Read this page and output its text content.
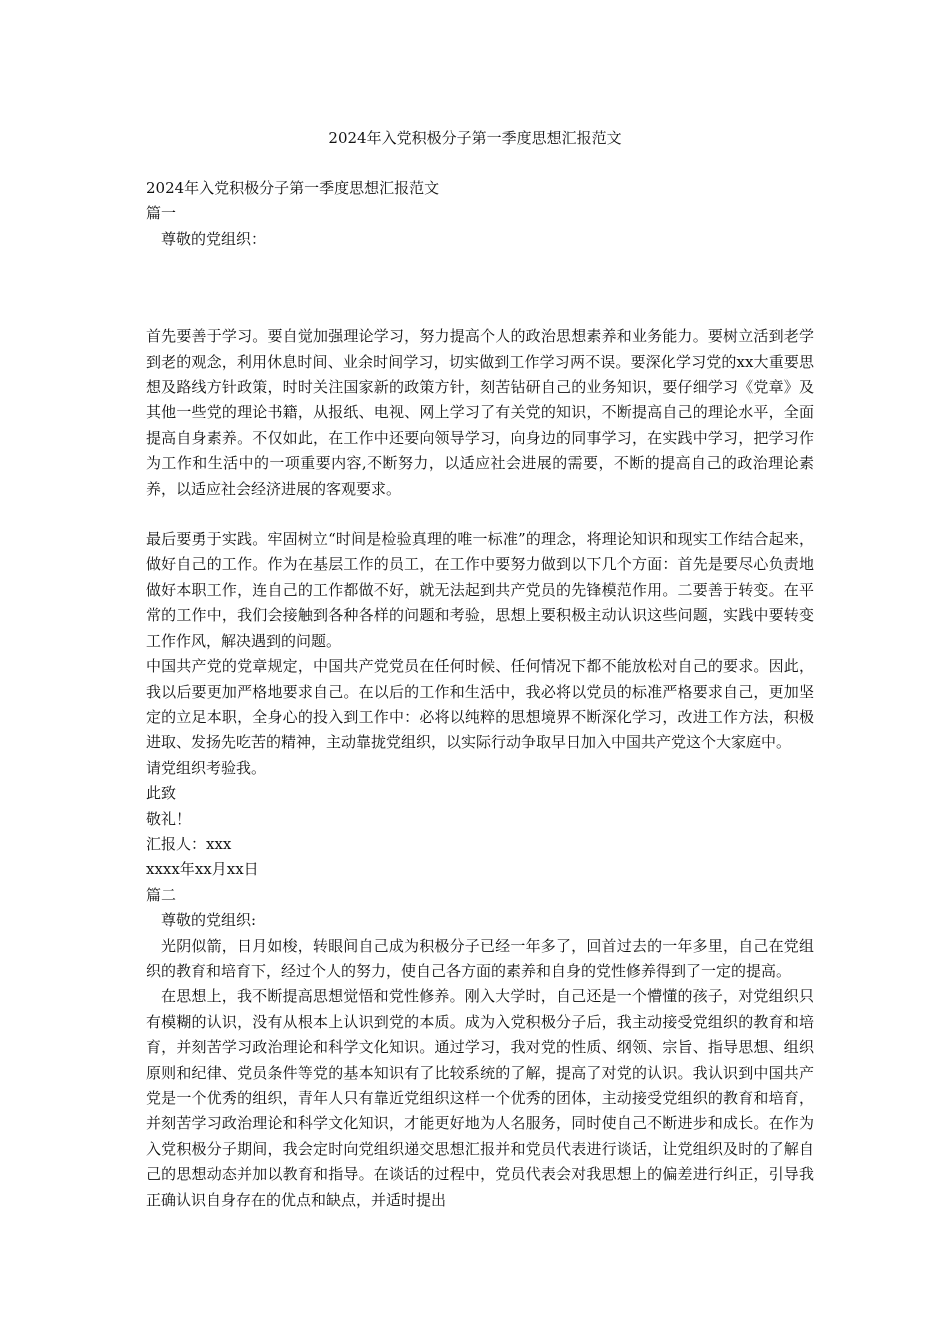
2024年入党积极分子第一季度思想汇报范文

2024年入党积极分子第一季度思想汇报范文

篇一

尊敬的党组织：

首先要善于学习。要自觉加强理论学习，努力提高个人的政治思想素养和业务能力。要树立活到老学到老的观念，利用休息时间、业余时间学习，切实做到工作学习两不误。要深化学习党的xx大重要思想及路线方针政策，时时关注国家新的政策方针，刻苦钻研自己的业务知识，要仔细学习《党章》及其他一些党的理论书籍，从报纸、电视、网上学习了有关党的知识，不断提高自己的理论水平，全面提高自身素养。不仅如此，在工作中还要向领导学习，向身边的同事学习，在实践中学习，把学习作为工作和生活中的一项重要内容,不断努力，以适应社会进展的需要，不断的提高自己的政治理论素养，以适应社会经济进展的客观要求。

最后要勇于实践。牢固树立“时间是检验真理的唯一标准”的理念，将理论知识和现实工作结合起来，做好自己的工作。作为在基层工作的员工，在工作中要努力做到以下几个方面：首先是要尽心负责地做好本职工作，连自己的工作都做不好，就无法起到共产党员的先锋模范作用。二要善于转变。在平常的工作中，我们会接触到各种各样的问题和考验，思想上要积极主动认识这些问题，实践中要转变工作作风，解决遇到的问题。

中国共产党的党章规定，中国共产党党员在任何时候、任何情况下都不能放松对自己的要求。因此，我以后要更加严格地要求自己。在以后的工作和生活中，我必将以党员的标准严格要求自己，更加坚定的立足本职，全身心的投入到工作中：必将以纯粹的思想境界不断深化学习，改进工作方法，积极进取、发扬先吃苦的精神，主动靠拢党组织，以实际行动争取早日加入中国共产党这个大家庭中。

请党组织考验我。

此致

敬礼！

汇报人：xxx

xxxx年xx月xx日

篇二

尊敬的党组织:

光阴似箭，日月如梭，转眼间自己成为积极分子已经一年多了，回首过去的一年多里，自己在党组织的教育和培育下，经过个人的努力，使自己各方面的素养和自身的党性修养得到了一定的提高。

在思想上，我不断提高思想觉悟和党性修养。刚入大学时，自己还是一个懵懂的孩子，对党组织只有模糊的认识，没有从根本上认识到党的本质。成为入党积极分子后，我主动接受党组织的教育和培育，并刻苦学习政治理论和科学文化知识。通过学习，我对党的性质、纲领、宗旨、指导思想、组织原则和纪律、党员条件等党的基本知识有了比较系统的了解，提高了对党的认识。我认识到中国共产党是一个优秀的组织，青年人只有靠近党组织这样一个优秀的团体，主动接受党组织的教育和培育，并刻苦学习政治理论和科学文化知识，才能更好地为人名服务，同时使自己不断进步和成长。在作为入党积极分子期间，我会定时向党组织递交思想汇报并和党员代表进行谈话，让党组织及时的了解自己的思想动态并加以教育和指导。在谈话的过程中，党员代表会对我思想上的偏差进行纠正，引导我正确认识自身存在的优点和缺点，并适时提出
